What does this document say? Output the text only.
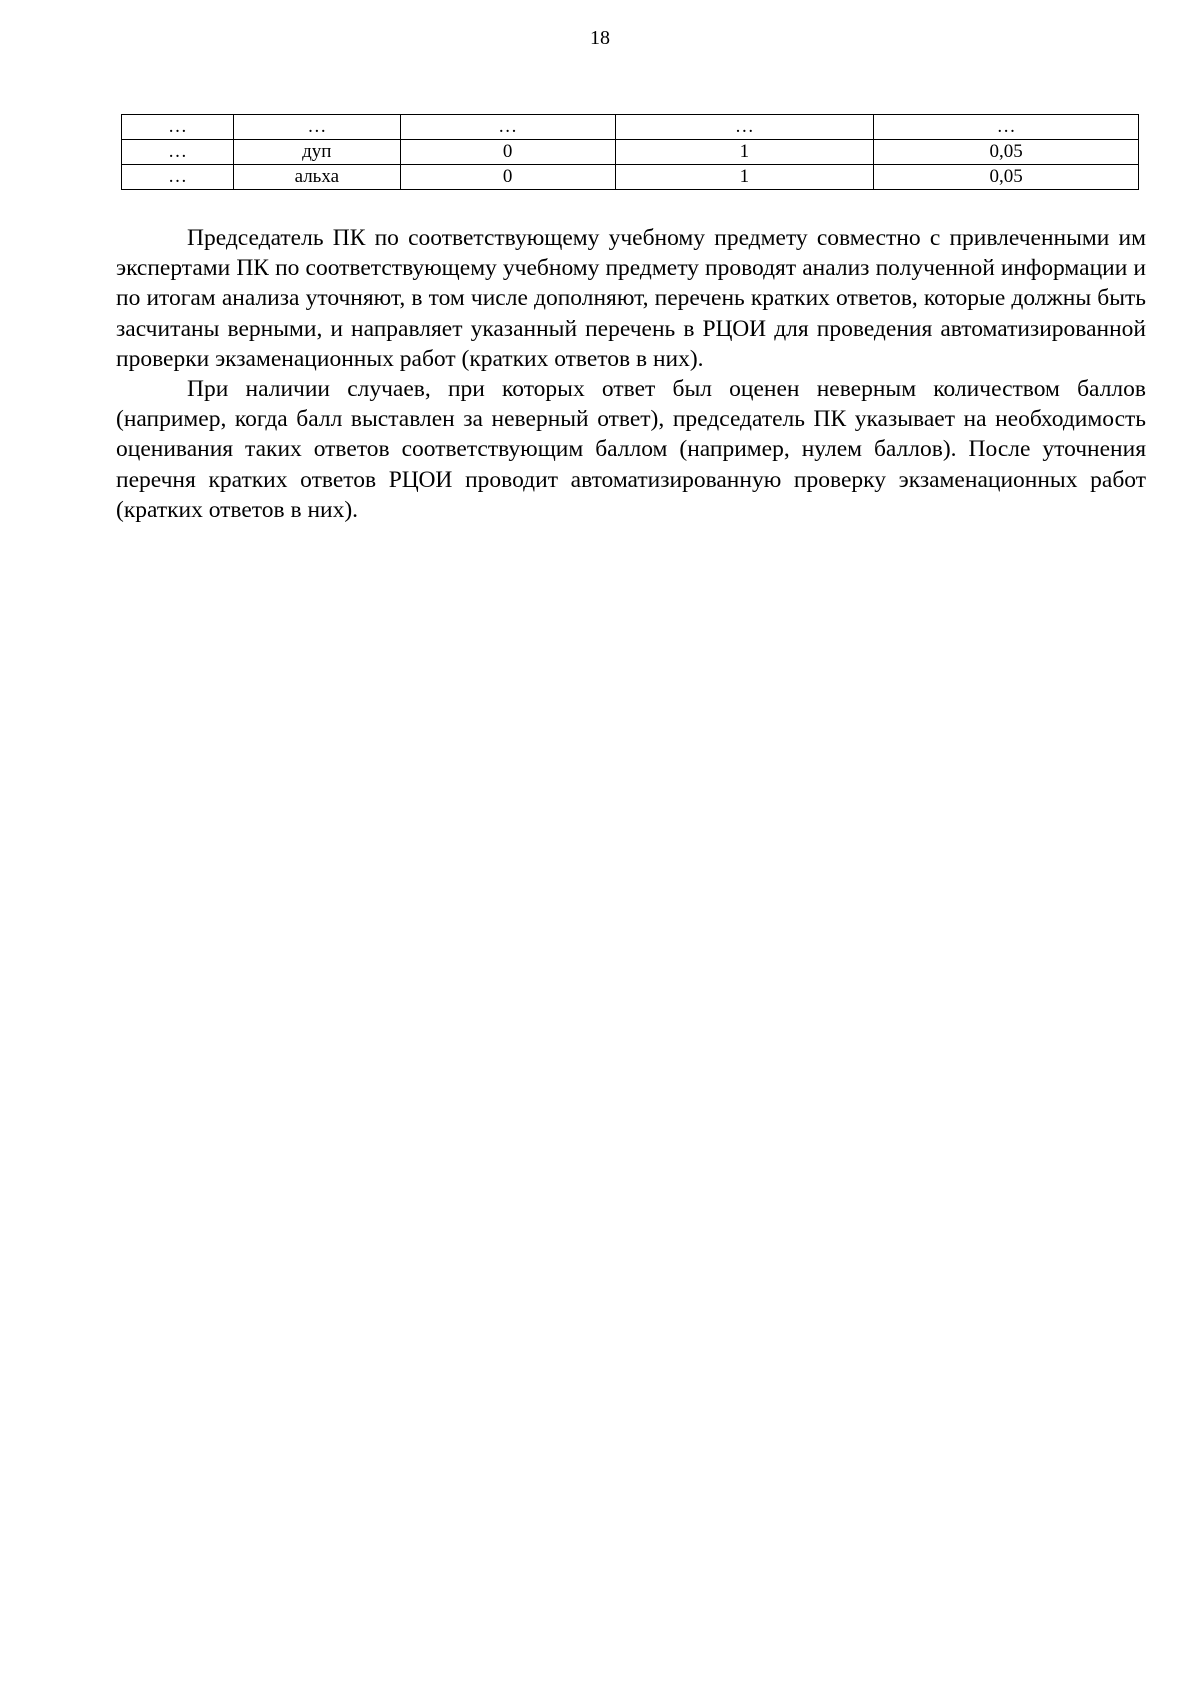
18
…	…	…	…	…
…	дуп	0	1	0,05
…	альха	0	1	0,05

Председатель ПК по соответствующему учебному предмету совместно с привлеченными им экспертами ПК по соответствующему учебному предмету проводят анализ полученной информации и по итогам анализа уточняют, в том числе дополняют, перечень кратких ответов, которые должны быть засчитаны верными, и направляет указанный перечень в РЦОИ для проведения автоматизированной проверки экзаменационных работ (кратких ответов в них).

При наличии случаев, при которых ответ был оценен неверным количеством баллов (например, когда балл выставлен за неверный ответ), председатель ПК указывает на необходимость оценивания таких ответов соответствующим баллом (например, нулем баллов). После уточнения перечня кратких ответов РЦОИ проводит автоматизированную проверку экзаменационных работ (кратких ответов в них).
